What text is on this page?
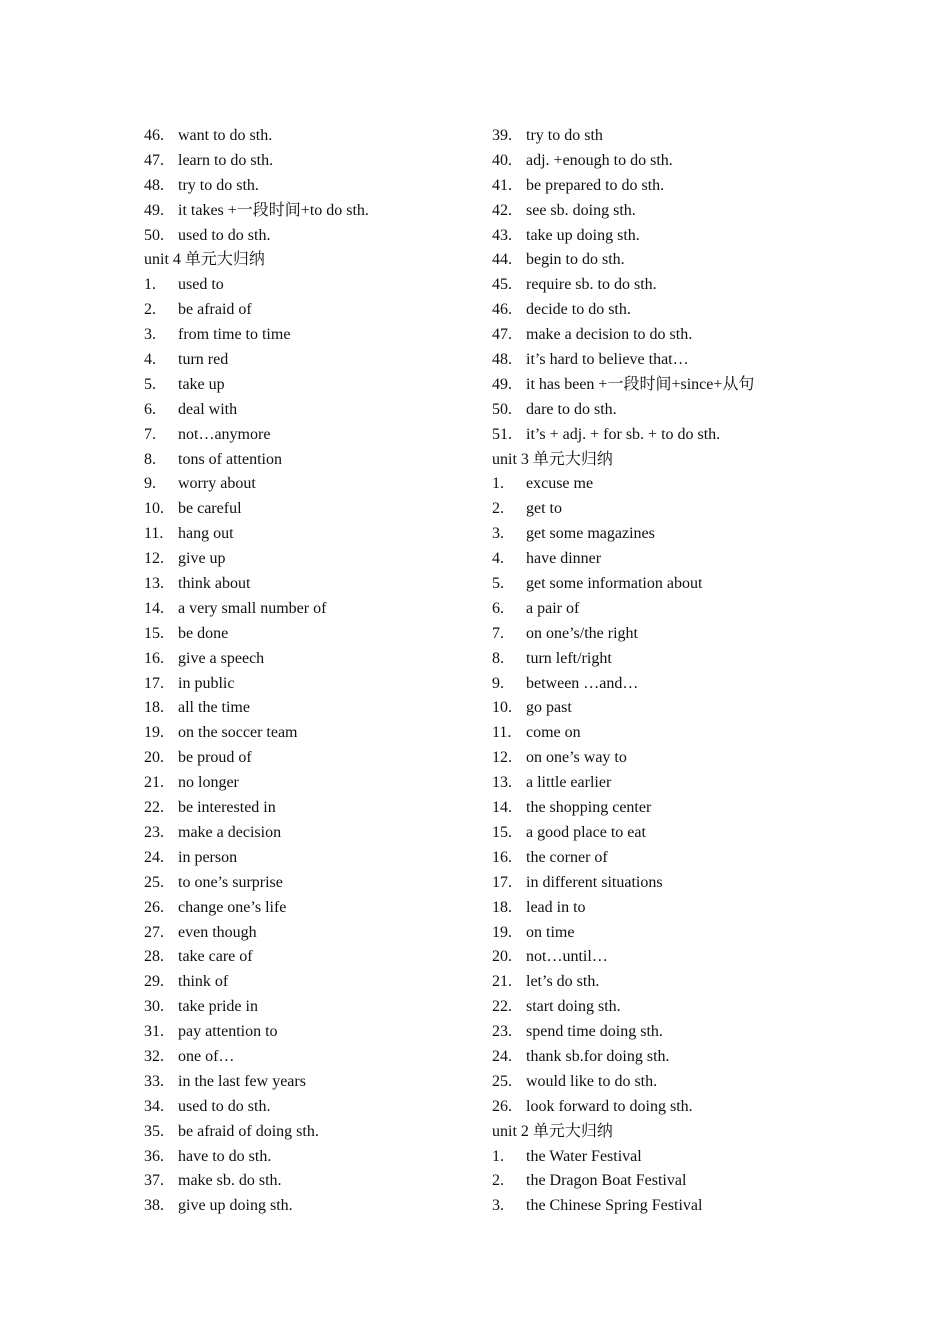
46. want to do sth.
47. learn to do sth.
48. try to do sth.
49. it takes +一段时间+to do sth.
50. used to do sth.
unit 4 单元大归纳
1. used to
2. be afraid of
3. from time to time
4. turn red
5. take up
6. deal with
7. not…anymore
8. tons of attention
9. worry about
10. be careful
11. hang out
12. give up
13. think about
14. a very small number of
15. be done
16. give a speech
17. in public
18. all the time
19. on the soccer team
20. be proud of
21. no longer
22. be interested in
23. make a decision
24. in person
25. to one’s surprise
26. change one’s life
27. even though
28. take care of
29. think of
30. take pride in
31. pay attention to
32. one of…
33. in the last few years
34. used to do sth.
35. be afraid of doing sth.
36. have to do sth.
37. make sb. do sth.
38. give up doing sth.
39. try to do sth
40. adj. +enough to do sth.
41. be prepared to do sth.
42. see sb. doing sth.
43. take up doing sth.
44. begin to do sth.
45. require sb. to do sth.
46. decide to do sth.
47. make a decision to do sth.
48. it’s hard to believe that…
49. it has been +一段时间+since+从句
50. dare to do sth.
51. it’s + adj. + for sb. + to do sth.
unit 3 单元大归纳
1. excuse me
2. get to
3. get some magazines
4. have dinner
5. get some information about
6. a pair of
7. on one’s/the right
8. turn left/right
9. between …and…
10. go past
11. come on
12. on one’s way to
13. a little earlier
14. the shopping center
15. a good place to eat
16. the corner of
17. in different situations
18. lead in to
19. on time
20. not…until…
21. let’s do sth.
22. start doing sth.
23. spend time doing sth.
24. thank sb.for doing sth.
25. would like to do sth.
26. look forward to doing sth.
unit 2 单元大归纳
1. the Water Festival
2. the Dragon Boat Festival
3. the Chinese Spring Festival
